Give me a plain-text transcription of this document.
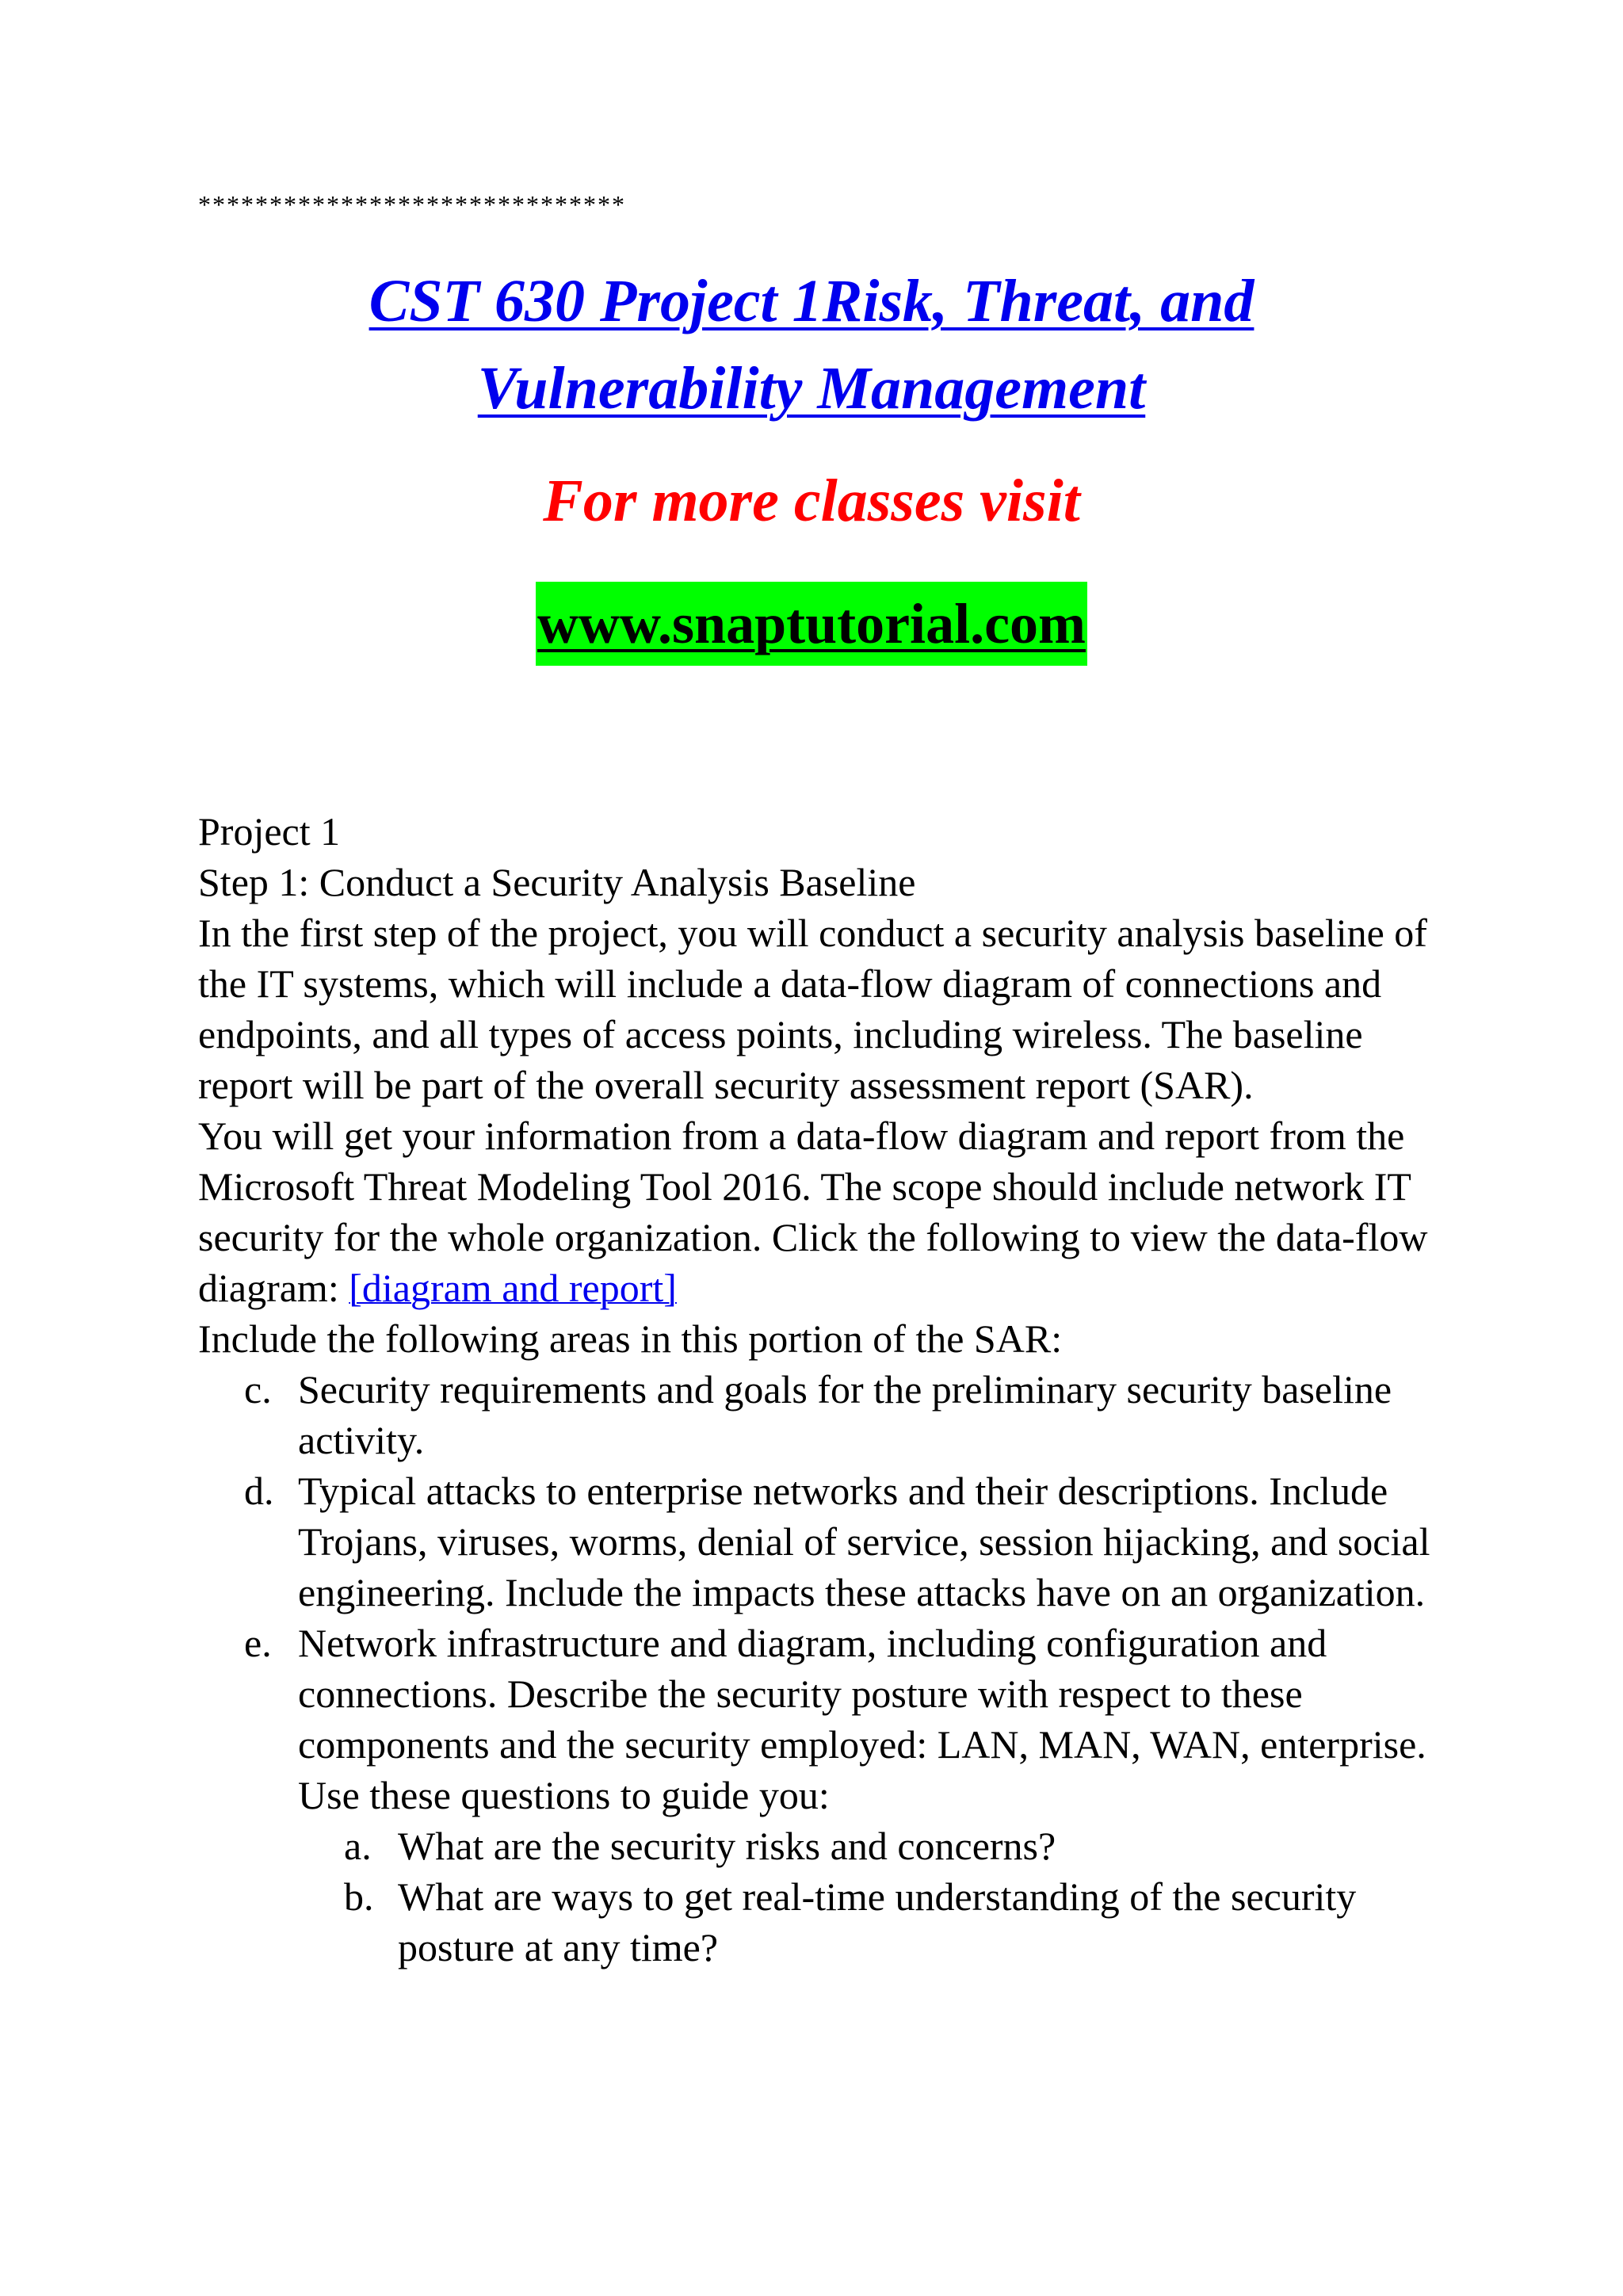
******************************
CST 630 Project 1Risk, Threat, and
Vulnerability Management
For more classes visit
www.snaptutorial.com

Project 1

Step 1: Conduct a Security Analysis Baseline

In the first step of the project, you will conduct a security analysis baseline of the IT systems, which will include a data-flow diagram of connections and endpoints, and all types of access points, including wireless. The baseline report will be part of the overall security assessment report (SAR).

You will get your information from a data-flow diagram and report from the Microsoft Threat Modeling Tool 2016. The scope should include network IT security for the whole organization. Click the following to view the data-flow diagram: [diagram and report]

Include the following areas in this portion of the SAR:

c. Security requirements and goals for the preliminary security baseline activity.
d. Typical attacks to enterprise networks and their descriptions. Include Trojans, viruses, worms, denial of service, session hijacking, and social engineering. Include the impacts these attacks have on an organization.
e. Network infrastructure and diagram, including configuration and connections. Describe the security posture with respect to these components and the security employed: LAN, MAN, WAN, enterprise. Use these questions to guide you:
a. What are the security risks and concerns?
b. What are ways to get real-time understanding of the security posture at any time?
